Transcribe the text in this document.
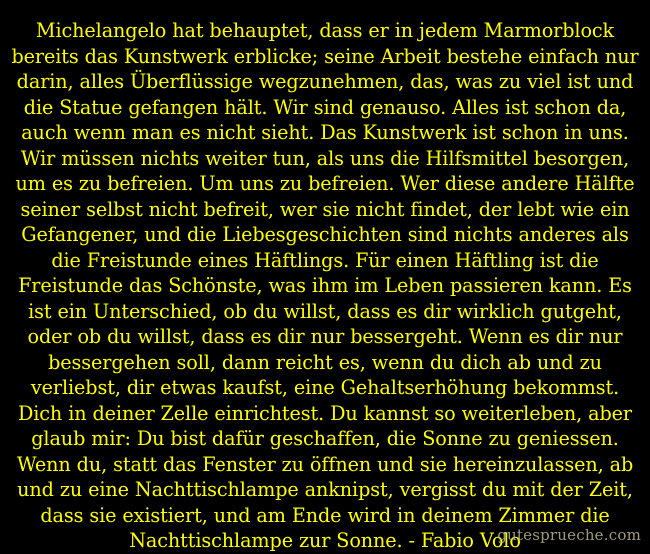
Michelangelo hat behauptet, dass er in jedem Marmorblock bereits das Kunstwerk erblicke; seine Arbeit bestehe einfach nur darin, alles Überflüssige wegzunehmen, das, was zu viel ist und die Statue gefangen hält. Wir sind genauso. Alles ist schon da, auch wenn man es nicht sieht. Das Kunstwerk ist schon in uns. Wir müssen nichts weiter tun, als uns die Hilfsmittel besorgen, um es zu befreien. Um uns zu befreien. Wer diese andere Hälfte seiner selbst nicht befreit, wer sie nicht findet, der lebt wie ein Gefangener, und die Liebesgeschichten sind nichts anderes als die Freistunde eines Häftlings. Für einen Häftling ist die Freistunde das Schönste, was ihm im Leben passieren kann. Es ist ein Unterschied, ob du willst, dass es dir wirklich gutgeht, oder ob du willst, dass es dir nur bessergeht. Wenn es dir nur bessergehen soll, dann reicht es, wenn du dich ab und zu verliebst, dir etwas kaufst, eine Gehaltserhöhung bekommst. Dich in deiner Zelle einrichtest. Du kannst so weiterleben, aber glaub mir: Du bist dafür geschaffen, die Sonne zu geniessen. Wenn du, statt das Fenster zu öffnen und sie hereinzulassen, ab und zu eine Nachttischlampe anknipst, vergisst du mit der Zeit, dass sie existiert, und am Ende wird in deinem Zimmer die Nachttischlampe zur Sonne. - Fabio Volo

gutesprueche.com
